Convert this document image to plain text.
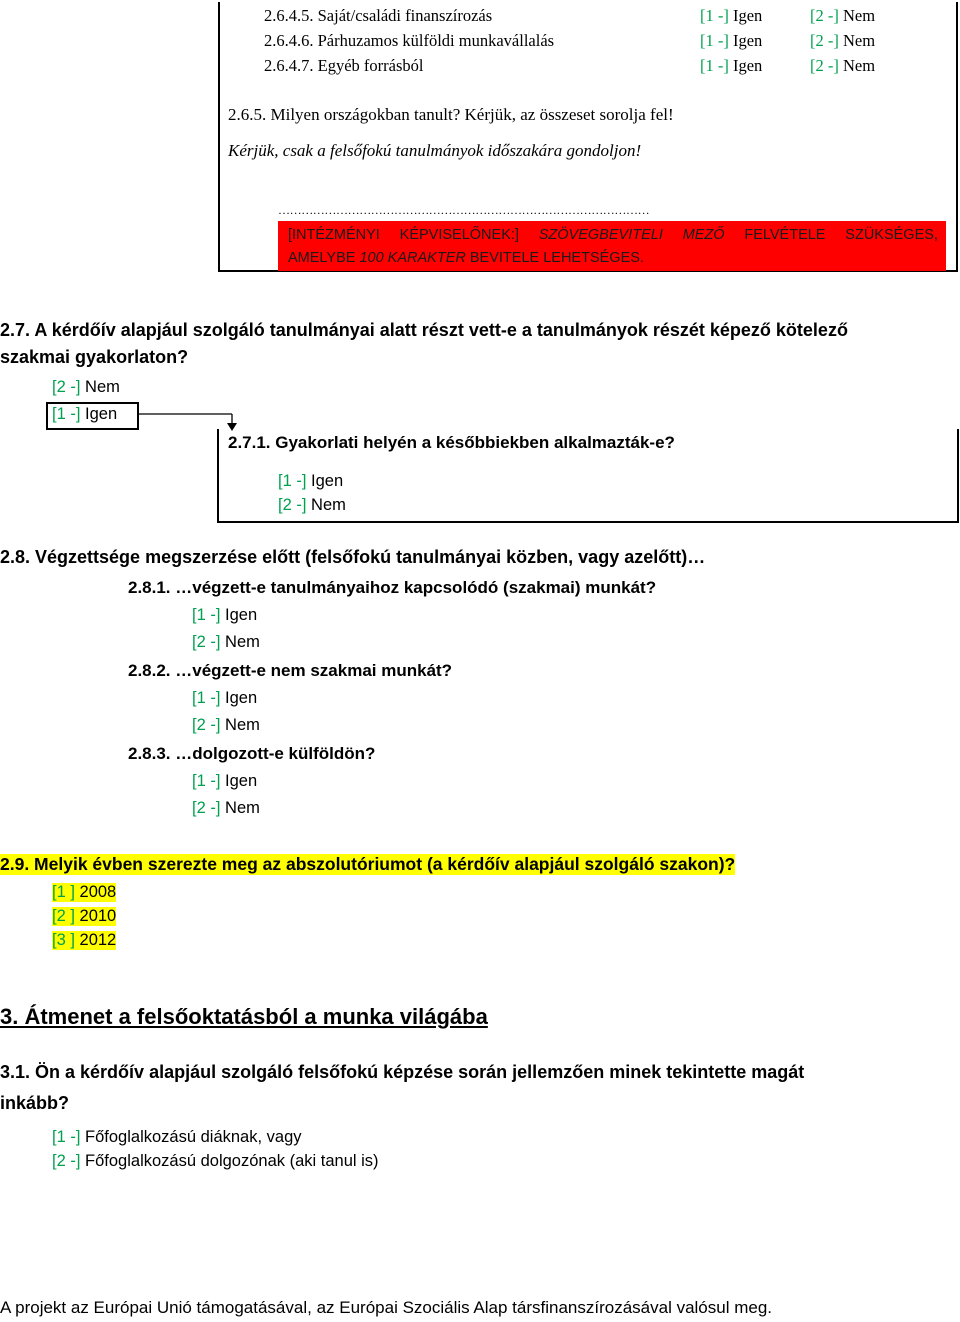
2.6.4.5. Saját/családi finanszírozás	[1 -] Igen	[2 -] Nem
2.6.4.6. Párhuzamos külföldi munkavállalás	[1 -] Igen	[2 -] Nem
2.6.4.7. Egyéb forrásból	[1 -] Igen	[2 -] Nem
2.6.5. Milyen országokban tanult? Kérjük, az összeset sorolja fel!
Kérjük, csak a felsőfokú tanulmányok időszakára gondoljon!
……………………………………………………………………………………
[INTÉZMÉNYI KÉPVISELŐNEK:] SZÖVEGBEVITELI MEZŐ FELVÉTELE SZÜKSÉGES,
AMELYBE 100 KARAKTER BEVITELE LEHETSÉGES.
2.7. A kérdőív alapjául szolgáló tanulmányai alatt részt vett-e a tanulmányok részét képező kötelező
szakmai gyakorlaton?
[2 -] Nem
[1 -] Igen
2.7.1. Gyakorlati helyén a későbbiekben alkalmazták-e?
[1 -] Igen
[2 -] Nem
2.8. Végzettsége megszerzése előtt (felsőfokú tanulmányai közben, vagy azelőtt)…
2.8.1. …végzett-e tanulmányaihoz kapcsolódó (szakmai) munkát?
[1 -] Igen
[2 -] Nem
2.8.2. …végzett-e nem szakmai munkát?
[1 -] Igen
[2 -] Nem
2.8.3. …dolgozott-e külföldön?
[1 -] Igen
[2 -] Nem
2.9. Melyik évben szerezte meg az abszolutóriumot (a kérdőív alapjául szolgáló szakon)?
[1 ] 2008
[2 ] 2010
[3 ] 2012
3. Átmenet a felsőoktatásból a munka világába
3.1. Ön a kérdőív alapjául szolgáló felsőfokú képzése során jellemzően minek tekintette magát
inkább?
[1 -] Főfoglalkozású diáknak, vagy
[2 -] Főfoglalkozású dolgozónak (aki tanul is)
A projekt az Európai Unió támogatásával, az Európai Szociális Alap társfinanszírozásával valósul meg.
